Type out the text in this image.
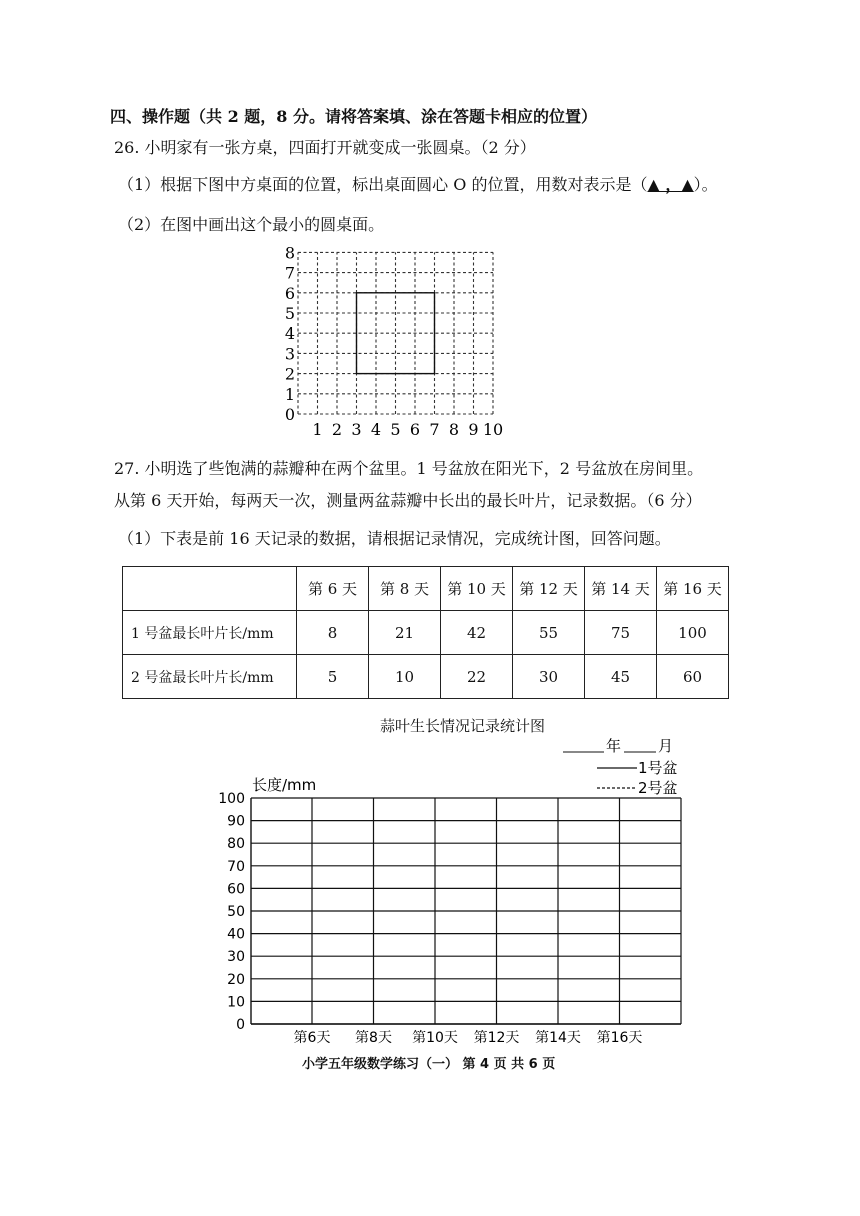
四、操作题（共 2 题，8 分。请将答案填、涂在答题卡相应的位置）
26. 小明家有一张方桌，四面打开就变成一张圆桌。（2 分）
（1）根据下图中方桌面的位置，标出桌面圆心 O 的位置，用数对表示是（▲ ，▲）。
（2）在图中画出这个最小的圆桌面。
0
1
2
3
4
5
6
7
8
1 2 3 4 5 6 7 8 9 10
27. 小明选了些饱满的蒜瓣种在两个盆里。1 号盆放在阳光下，2 号盆放在房间里。
从第 6 天开始，每两天一次，测量两盆蒜瓣中长出的最长叶片，记录数据。（6 分）
（1）下表是前 16 天记录的数据，请根据记录情况，完成统计图，回答问题。
	第 6 天	第 8 天	第 10 天	第 12 天	第 14 天	第 16 天
1 号盆最长叶片长/mm	8	21	42	55	75	100
2 号盆最长叶片长/mm	5	10	22	30	45	60
蒜叶生长情况记录统计图
年 月
1号盆
2号盆
长度/mm
0
10
20
30
40
50
60
70
80
90
100
第6天 第8天 第10天 第12天 第14天 第16天
小学五年级数学练习（一） 第 4 页 共 6 页
